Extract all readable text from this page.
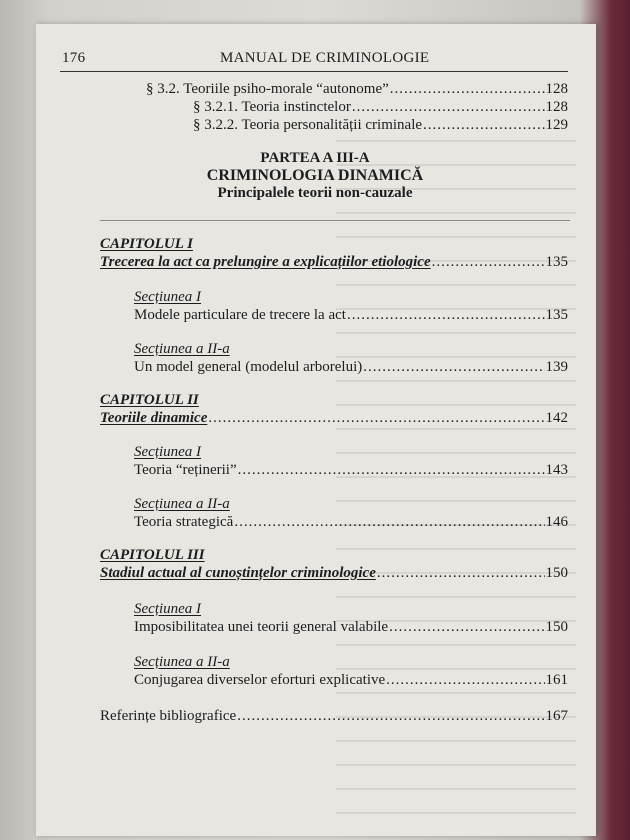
176	MANUAL DE CRIMINOLOGIE
§ 3.2. Teoriile psiho-morale “autonome” .....	128
§ 3.2.1. Teoria instinctelor .....	128
§ 3.2.2. Teoria personalității criminale .....	129
PARTEA A III-A
CRIMINOLOGIA DINAMICĂ
Principalele teorii non-cauzale
CAPITOLUL I
Trecerea la act ca prelungire a explicațiilor etiologice .....	135
Secțiunea I
Modele particulare de trecere la act .....	135
Secțiunea a II-a
Un model general (modelul arborelui) .....	139
CAPITOLUL II
Teoriile dinamice .....	142
Secțiunea I
Teoria “reținerii” .....	143
Secțiunea a II-a
Teoria strategică .....	146
CAPITOLUL III
Stadiul actual al cunoștințelor criminologice .....	150
Secțiunea I
Imposibilitatea unei teorii general valabile .....	150
Secțiunea a II-a
Conjugarea diverselor eforturi explicative .....	161
Referințe bibliografice .....	167
